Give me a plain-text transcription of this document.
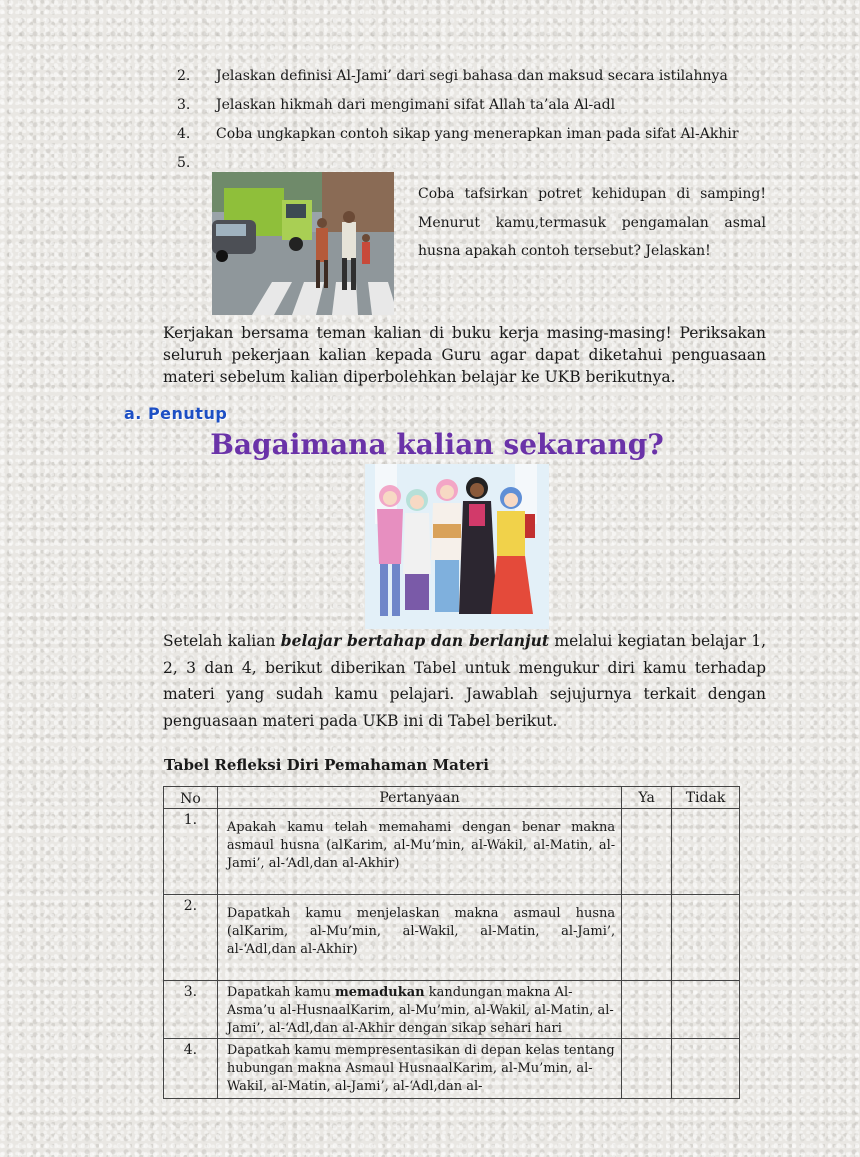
2. Jelaskan definisi Al-Jami’ dari segi bahasa dan maksud secara istilahnya
3. Jelaskan hikmah dari mengimani sifat Allah ta’ala Al-adl
4. Coba ungkapkan contoh sikap yang menerapkan iman pada sifat Al-Akhir
5.
Coba tafsirkan potret kehidupan di samping! Menurut kamu,termasuk pengamalan asmal husna apakah contoh tersebut? Jelaskan!
Kerjakan bersama teman kalian di buku kerja masing-masing! Periksakan seluruh pekerjaan kalian kepada Guru agar dapat diketahui penguasaan materi sebelum kalian diperbolehkan belajar ke UKB berikutnya.
a. Penutup
Bagaimana kalian sekarang?
Setelah kalian belajar bertahap dan berlanjut melalui kegiatan belajar 1, 2, 3 dan 4, berikut diberikan Tabel untuk mengukur diri kamu terhadap materi yang sudah kamu pelajari. Jawablah sejujurnya terkait dengan penguasaan materi pada UKB ini di Tabel berikut.
Tabel Refleksi Diri Pemahaman Materi
No	Pertanyaan	Ya	Tidak
1.	Apakah kamu telah memahami dengan benar makna asmaul husna (alKarim, al-Mu’min, al-Wakil, al-Matin, al-Jami’, al-‘Adl,dan al-Akhir)		
2.	Dapatkah kamu menjelaskan makna asmaul husna (alKarim, al-Mu’min, al-Wakil, al-Matin, al-Jami’, al-‘Adl,dan al-Akhir)		
3.	Dapatkah kamu memadukan kandungan makna Al-Asma’u al-HusnaalKarim, al-Mu’min, al-Wakil, al-Matin, al-Jami’, al-‘Adl,dan al-Akhir dengan sikap sehari hari		
4.	Dapatkah kamu mempresentasikan di depan kelas tentang hubungan makna Asmaul HusnaalKarim, al-Mu’min, al-Wakil, al-Matin, al-Jami’, al-‘Adl,dan al-		
